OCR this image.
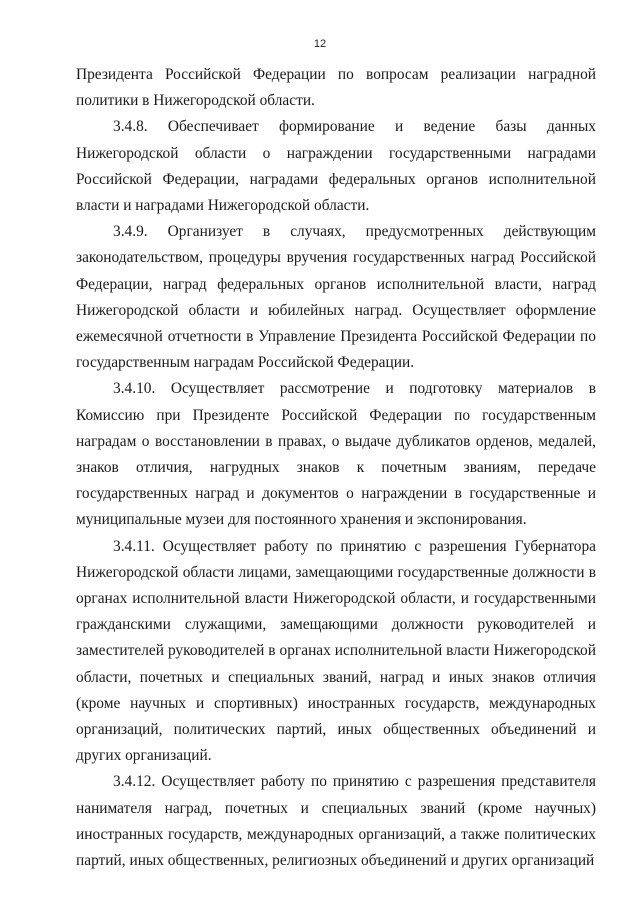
12

Президента Российской Федерации по вопросам реализации наградной политики в Нижегородской области.

3.4.8. Обеспечивает формирование и ведение базы данных Нижегородской области о награждении государственными наградами Российской Федерации, наградами федеральных органов исполнительной власти и наградами Нижегородской области.

3.4.9. Организует в случаях, предусмотренных действующим законодательством, процедуры вручения государственных наград Российской Федерации, наград федеральных органов исполнительной власти, наград Нижегородской области и юбилейных наград. Осуществляет оформление ежемесячной отчетности в Управление Президента Российской Федерации по государственным наградам Российской Федерации.

3.4.10. Осуществляет рассмотрение и подготовку материалов в Комиссию при Президенте Российской Федерации по государственным наградам о восстановлении в правах, о выдаче дубликатов орденов, медалей, знаков отличия, нагрудных знаков к почетным званиям, передаче государственных наград и документов о награждении в государственные и муниципальные музеи для постоянного хранения и экспонирования.

3.4.11. Осуществляет работу по принятию с разрешения Губернатора Нижегородской области лицами, замещающими государственные должности в органах исполнительной власти Нижегородской области, и государственными гражданскими служащими, замещающими должности руководителей и заместителей руководителей в органах исполнительной власти Нижегородской области, почетных и специальных званий, наград и иных знаков отличия (кроме научных и спортивных) иностранных государств, международных организаций, политических партий, иных общественных объединений и других организаций.

3.4.12. Осуществляет работу по принятию с разрешения представителя нанимателя наград, почетных и специальных званий (кроме научных) иностранных государств, международных организаций, а также политических партий, иных общественных, религиозных объединений и других организаций
